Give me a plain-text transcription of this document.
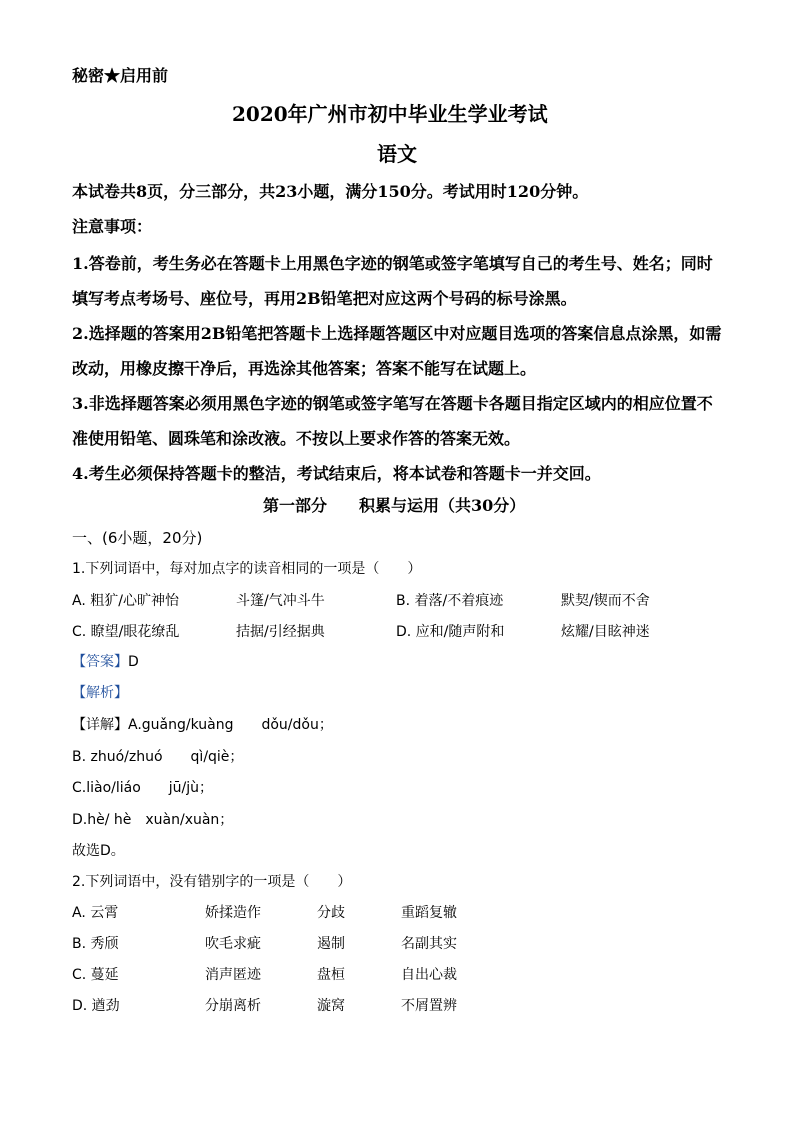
秘密★启用前
2020年广州市初中毕业生学业考试
语文
本试卷共8页，分三部分，共23小题，满分150分。考试用时120分钟。
注意事项：
1.答卷前，考生务必在答题卡上用黑色字迹的钢笔或签字笔填写自己的考生号、姓名；同时
填写考点考场号、座位号，再用2B铅笔把对应这两个号码的标号涂黑。
2.选择题的答案用2B铅笔把答题卡上选择题答题区中对应题目选项的答案信息点涂黑，如需
改动，用橡皮擦干净后，再选涂其他答案；答案不能写在试题上。
3.非选择题答案必须用黑色字迹的钢笔或签字笔写在答题卡各题目指定区域内的相应位置不
准使用铅笔、圆珠笔和涂改液。不按以上要求作答的答案无效。
4.考生必须保持答题卡的整洁，考试结束后，将本试卷和答题卡一并交回。
第一部分　　积累与运用（共30分）
一、(6小题，20分)
1.下列词语中，每对加点字的读音相同的一项是（　　）
A. 粗犷/心旷神怡	斗篷/气冲斗牛	B. 着落/不着痕迹	默契/锲而不舍
C. 瞭望/眼花缭乱	拮据/引经据典	D. 应和/随声附和	炫耀/目眩神迷
【答案】D
【解析】
【详解】A.guǎng/kuàng　　dǒu/dǒu；
B. zhuó/zhuó　　qì/qiè；
C.liào/liáo　　jū/jù；
D.hè/ hè　xuàn/xuàn；
故选D。
2.下列词语中，没有错别字的一项是（　　）
A. 云霄	娇揉造作	分歧	重蹈复辙
B. 秀颀	吹毛求疵	遏制	名副其实
C. 蔓延	消声匿迹	盘桓	自出心裁
D. 遒劲	分崩离析	漩窝	不屑置辨
